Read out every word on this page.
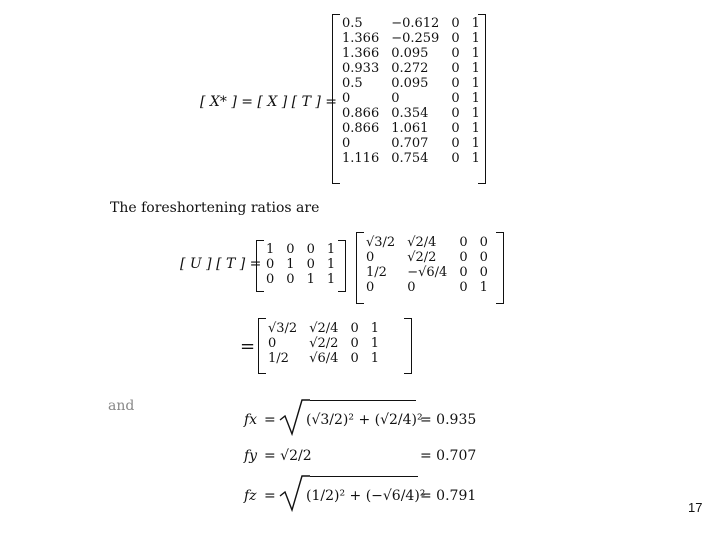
[ X* ] = [ X ] [ T ] =
0.5	−0.612	0	1
1.366	−0.259	0	1
1.366	0.095	0	1
0.933	0.272	0	1
0.5	0.095	0	1
0	0	0	1
0.866	0.354	0	1
0.866	1.061	0	1
0	0.707	0	1
1.116	0.754	0	1
The foreshortening ratios are
[ U ] [ T ] =
1	0	0	1
0	1	0	1
0	0	1	1
√3/2	√2/4	0	0
0	√2/2	0	0
1/2	−√6/4	0	0
0	0	0	1
=
√3/2	√2/4	0	1
0	√2/2	0	1
1/2	√6/4	0	1
and
fx = (√3/2)² + (√2/4)²
= 0.935
fy = √2/2	= 0.707
fz = (1/2)² + (−√6/4)²
= 0.791
17
